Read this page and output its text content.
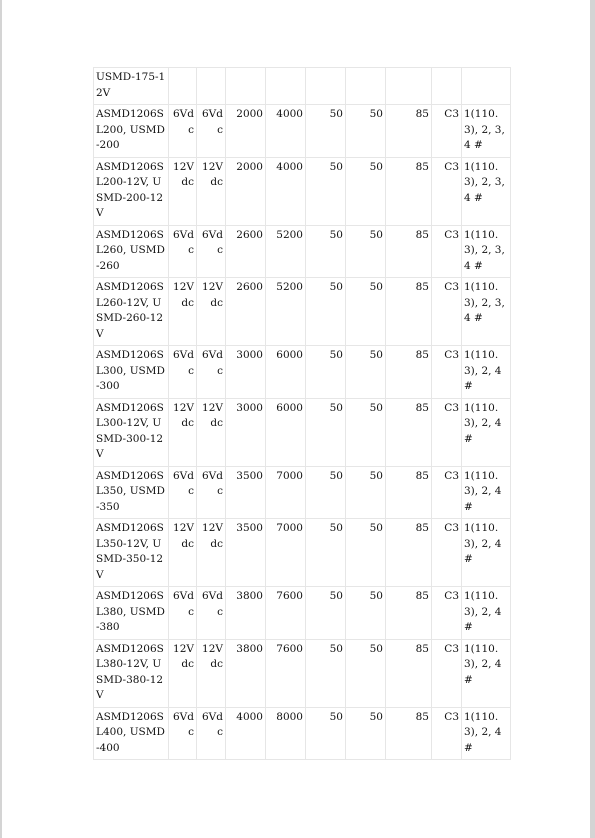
USMD-175-12V									
ASMD1206SL200, USMD-200	6Vdc	6Vdc	2000	4000	50	50	85	C3	1(110.3), 2, 3, 4 #
ASMD1206SL200-12V, USMD-200-12V	12Vdc	12Vdc	2000	4000	50	50	85	C3	1(110.3), 2, 3, 4 #
ASMD1206SL260, USMD-260	6Vdc	6Vdc	2600	5200	50	50	85	C3	1(110.3), 2, 3, 4 #
ASMD1206SL260-12V, USMD-260-12V	12Vdc	12Vdc	2600	5200	50	50	85	C3	1(110.3), 2, 3, 4 #
ASMD1206SL300, USMD-300	6Vdc	6Vdc	3000	6000	50	50	85	C3	1(110.3), 2, 4 #
ASMD1206SL300-12V, USMD-300-12V	12Vdc	12Vdc	3000	6000	50	50	85	C3	1(110.3), 2, 4 #
ASMD1206SL350, USMD-350	6Vdc	6Vdc	3500	7000	50	50	85	C3	1(110.3), 2, 4 #
ASMD1206SL350-12V, USMD-350-12V	12Vdc	12Vdc	3500	7000	50	50	85	C3	1(110.3), 2, 4 #
ASMD1206SL380, USMD-380	6Vdc	6Vdc	3800	7600	50	50	85	C3	1(110.3), 2, 4 #
ASMD1206SL380-12V, USMD-380-12V	12Vdc	12Vdc	3800	7600	50	50	85	C3	1(110.3), 2, 4 #
ASMD1206SL400, USMD-400	6Vdc	6Vdc	4000	8000	50	50	85	C3	1(110.3), 2, 4 #
